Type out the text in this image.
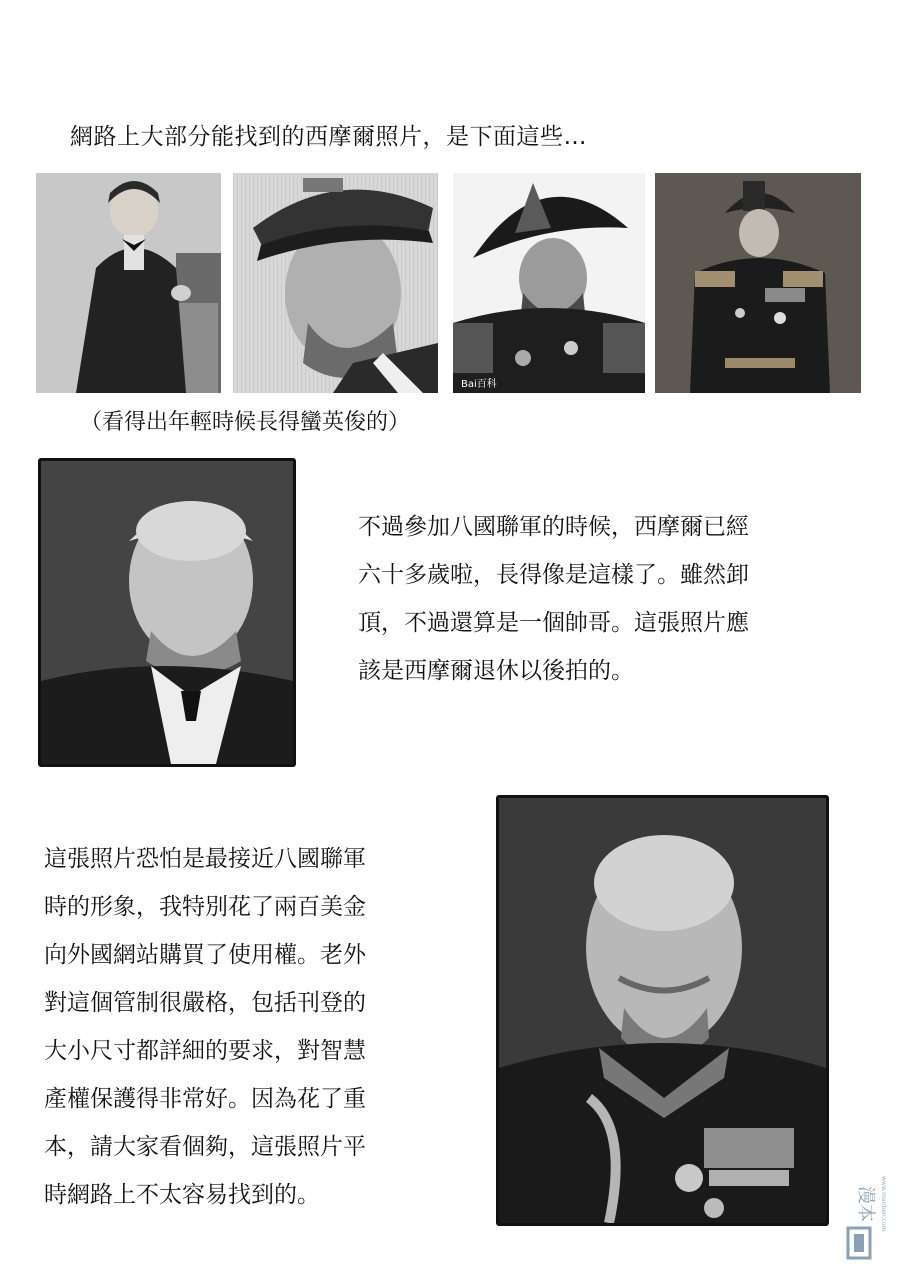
網路上大部分能找到的西摩爾照片，是下面這些…
Bai百科
（看得出年輕時候長得蠻英俊的）
不過參加八國聯軍的時候，西摩爾已經
六十多歲啦，長得像是這樣了。雖然卸
頂，不過還算是一個帥哥。這張照片應
該是西摩爾退休以後拍的。
這張照片恐怕是最接近八國聯軍
時的形象，我特別花了兩百美金
向外國網站購買了使用權。老外
對這個管制很嚴格，包括刊登的
大小尺寸都詳細的要求，對智慧
產權保護得非常好。因為花了重
本，請大家看個夠，這張照片平
時網路上不太容易找到的。	漫本 www.manben.com
